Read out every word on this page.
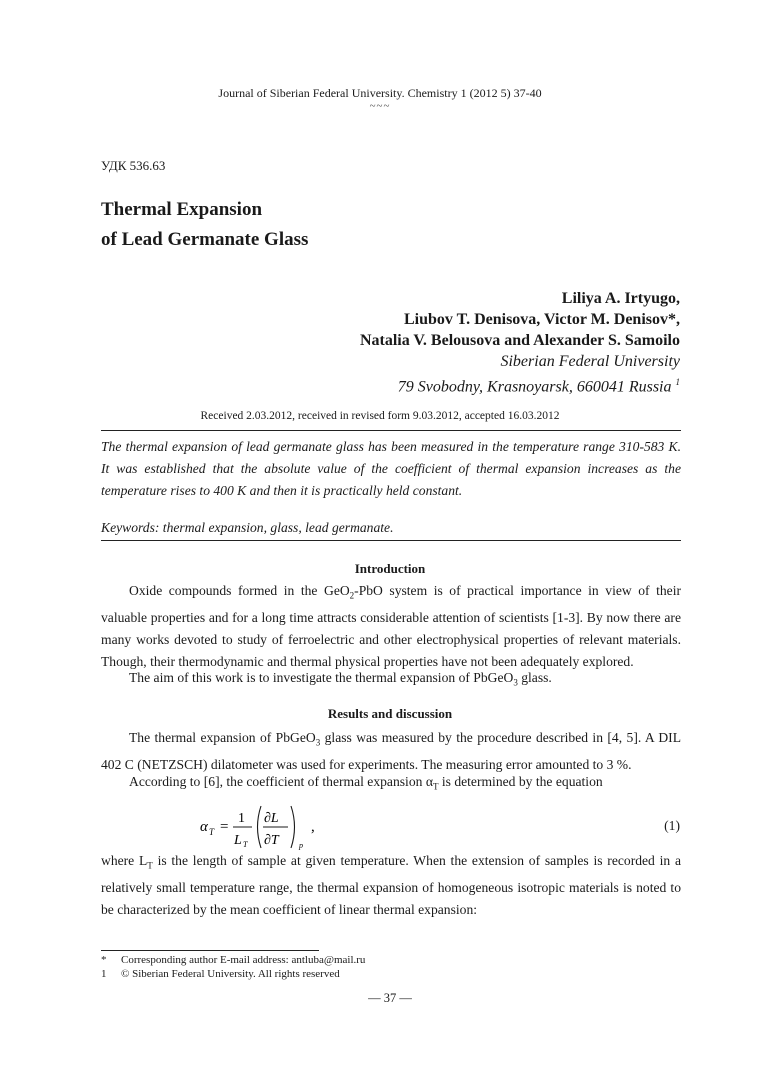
Journal of Siberian Federal University. Chemistry 1 (2012 5) 37-40
~~~
УДК 536.63
Thermal Expansion
of Lead Germanate Glass
Liliya A. Irtyugo,
Liubov T. Denisova, Victor M. Denisov*,
Natalia V. Belousova and Alexander S. Samoilo
Siberian Federal University
79 Svobodny, Krasnoyarsk, 660041 Russia $^1$
Received 2.03.2012, received in revised form 9.03.2012, accepted 16.03.2012
The thermal expansion of lead germanate glass has been measured in the temperature range 310-583 K. It was established that the absolute value of the coefficient of thermal expansion increases as the temperature rises to 400 K and then it is practically held constant.
Keywords: thermal expansion, glass, lead germanate.
Introduction
Oxide compounds formed in the GeO$_2$-PbO system is of practical importance in view of their valuable properties and for a long time attracts considerable attention of scientists [1-3]. By now there are many works devoted to study of ferroelectric and other electrophysical properties of relevant materials. Though, their thermodynamic and thermal physical properties have not been adequately explored.
The aim of this work is to investigate the thermal expansion of PbGeO$_3$ glass.
Results and discussion
The thermal expansion of PbGeO$_3$ glass was measured by the procedure described in [4, 5]. A DIL 402 C (NETZSCH) dilatometer was used for experiments. The measuring error amounted to 3 %.
According to [6], the coefficient of thermal expansion $\alpha_T$ is determined by the equation
α T =
1
L T
∂L
∂T	p
,	(1)
where $L_T$ is the length of sample at given temperature. When the extension of samples is recorded in a relatively small temperature range, the thermal expansion of homogeneous isotropic materials is noted to be characterized by the mean coefficient of linear thermal expansion:
* Corresponding author E-mail address: antluba@mail.ru
1 © Siberian Federal University. All rights reserved
— 37 —
